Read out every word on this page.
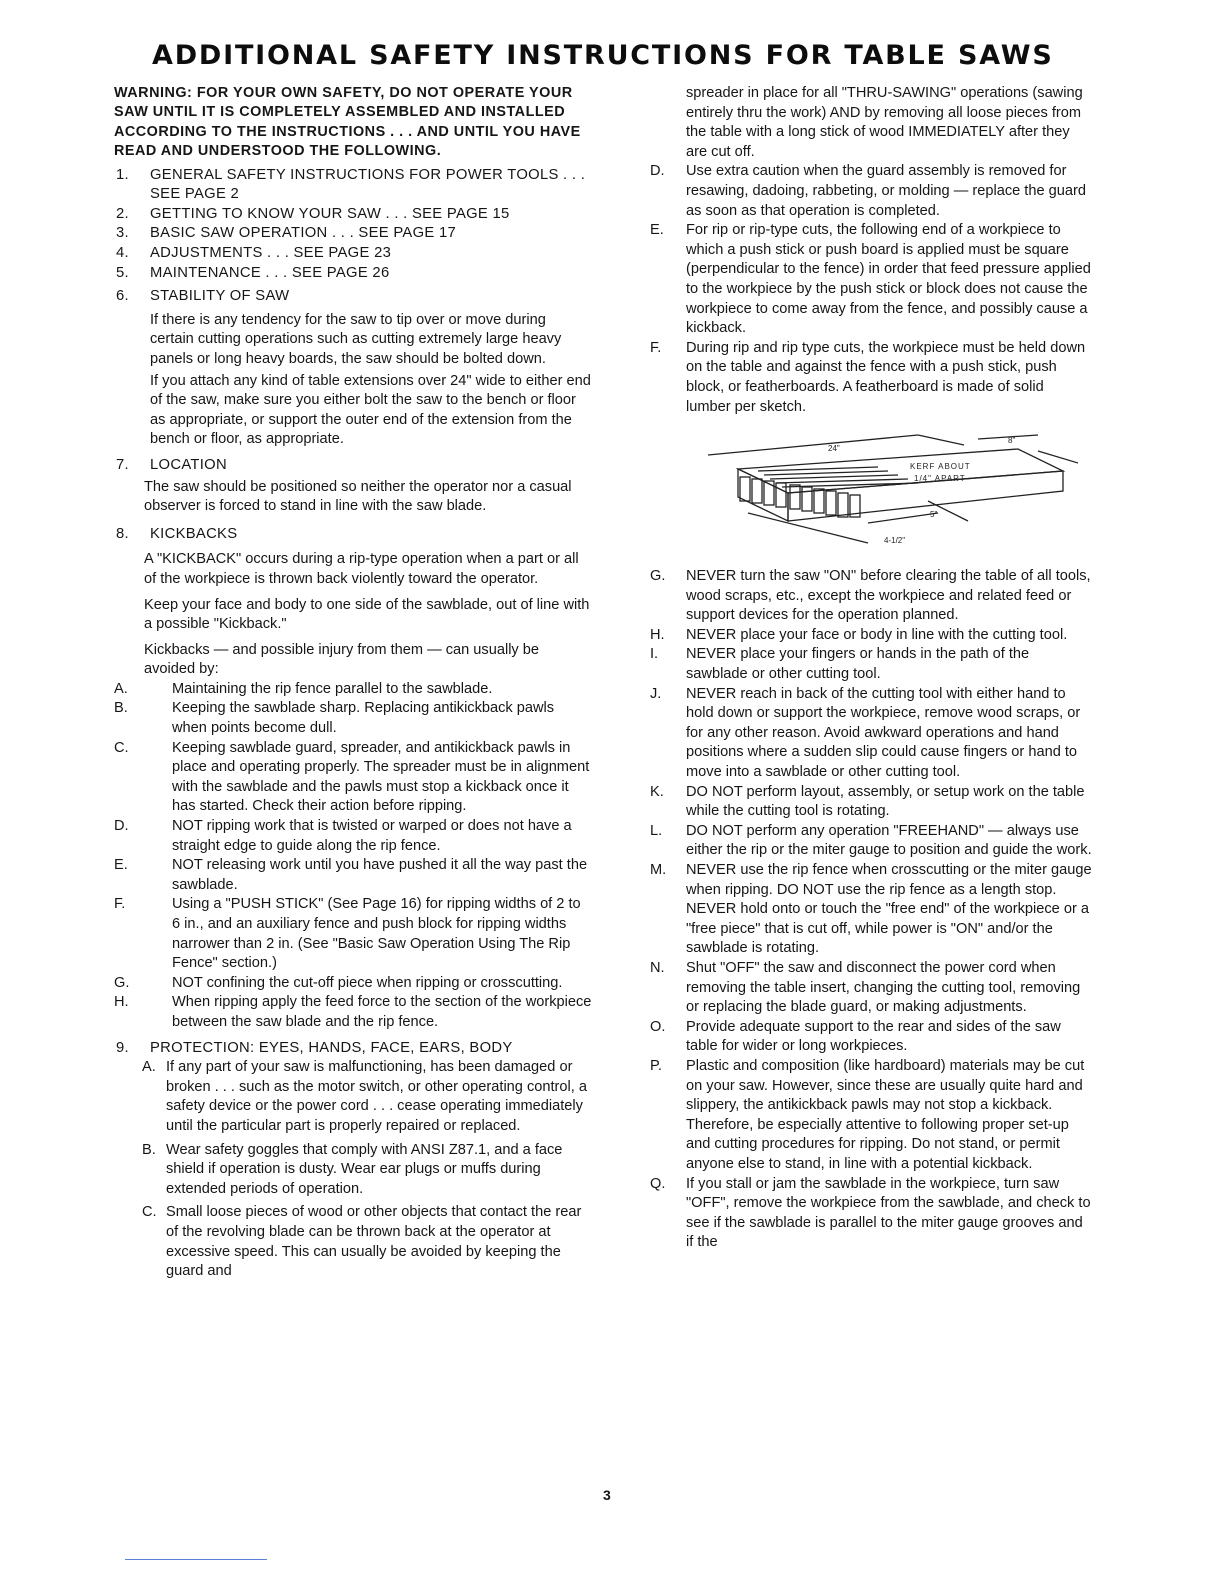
ADDITIONAL SAFETY INSTRUCTIONS FOR TABLE SAWS

WARNING: FOR YOUR OWN SAFETY, DO NOT OPERATE YOUR SAW UNTIL IT IS COMPLETELY ASSEMBLED AND INSTALLED ACCORDING TO THE INSTRUCTIONS . . . AND UNTIL YOU HAVE READ AND UNDERSTOOD THE FOLLOWING.

1. GENERAL SAFETY INSTRUCTIONS FOR POWER TOOLS . . . SEE PAGE 2
2. GETTING TO KNOW YOUR SAW . . . SEE PAGE 15
3. BASIC SAW OPERATION . . . SEE PAGE 17
4. ADJUSTMENTS . . . SEE PAGE 23
5. MAINTENANCE . . . SEE PAGE 26
6. STABILITY OF SAW

If there is any tendency for the saw to tip over or move during certain cutting operations such as cutting extremely large heavy panels or long heavy boards, the saw should be bolted down.

If you attach any kind of table extensions over 24" wide to either end of the saw, make sure you either bolt the saw to the bench or floor as appropriate, or support the outer end of the extension from the bench or floor, as appropriate.

7. LOCATION

The saw should be positioned so neither the operator nor a casual observer is forced to stand in line with the saw blade.

8. KICKBACKS

A "KICKBACK" occurs during a rip-type operation when a part or all of the workpiece is thrown back violently toward the operator.

Keep your face and body to one side of the sawblade, out of line with a possible "Kickback."

Kickbacks — and possible injury from them — can usually be avoided by:

A.	Maintaining the rip fence parallel to the sawblade.
B.	Keeping the sawblade sharp. Replacing antikickback pawls when points become dull.
C.	Keeping sawblade guard, spreader, and antikickback pawls in place and operating properly. The spreader must be in alignment with the sawblade and the pawls must stop a kickback once it has started. Check their action before ripping.
D.	NOT ripping work that is twisted or warped or does not have a straight edge to guide along the rip fence.
E.	NOT releasing work until you have pushed it all the way past the sawblade.
F.	Using a "PUSH STICK" (See Page 16) for ripping widths of 2 to 6 in., and an auxiliary fence and push block for ripping widths narrower than 2 in. (See "Basic Saw Operation Using The Rip Fence" section.)
G.	NOT confining the cut-off piece when ripping or crosscutting.
H.	When ripping apply the feed force to the section of the workpiece between the saw blade and the rip fence.
9. PROTECTION: EYES, HANDS, FACE, EARS, BODY
A. If any part of your saw is malfunctioning, has been damaged or broken . . . such as the motor switch, or other operating control, a safety device or the power cord . . . cease operating immediately until the particular part is properly repaired or replaced.
B. Wear safety goggles that comply with ANSI Z87.1, and a face shield if operation is dusty. Wear ear plugs or muffs during extended periods of operation.
C. Small loose pieces of wood or other objects that contact the rear of the revolving blade can be thrown back at the operator at excessive speed. This can usually be avoided by keeping the guard and

spreader in place for all "THRU-SAWING" operations (sawing entirely thru the work) AND by removing all loose pieces from the table with a long stick of wood IMMEDIATELY after they are cut off.

D. Use extra caution when the guard assembly is removed for resawing, dadoing, rabbeting, or molding — replace the guard as soon as that operation is completed.
E. For rip or rip-type cuts, the following end of a workpiece to which a push stick or push board is applied must be square (perpendicular to the fence) in order that feed pressure applied to the workpiece by the push stick or block does not cause the workpiece to come away from the fence, and possibly cause a kickback.
F. During rip and rip type cuts, the workpiece must be held down on the table and against the fence with a push stick, push block, or featherboards. A featherboard is made of solid lumber per sketch.
24"
8"
KERF ABOUT
1/4" APART
5"
4-1/2"
G. NEVER turn the saw "ON" before clearing the table of all tools, wood scraps, etc., except the workpiece and related feed or support devices for the operation planned.
H. NEVER place your face or body in line with the cutting tool.
I. NEVER place your fingers or hands in the path of the sawblade or other cutting tool.
J. NEVER reach in back of the cutting tool with either hand to hold down or support the workpiece, remove wood scraps, or for any other reason. Avoid awkward operations and hand positions where a sudden slip could cause fingers or hand to move into a sawblade or other cutting tool.
K. DO NOT perform layout, assembly, or setup work on the table while the cutting tool is rotating.
L. DO NOT perform any operation "FREEHAND" — always use either the rip or the miter gauge to position and guide the work.
M. NEVER use the rip fence when crosscutting or the miter gauge when ripping. DO NOT use the rip fence as a length stop.
NEVER hold onto or touch the "free end" of the workpiece or a "free piece" that is cut off, while power is "ON" and/or the sawblade is rotating.
N. Shut "OFF" the saw and disconnect the power cord when removing the table insert, changing the cutting tool, removing or replacing the blade guard, or making adjustments.
O. Provide adequate support to the rear and sides of the saw table for wider or long workpieces.
P. Plastic and composition (like hardboard) materials may be cut on your saw. However, since these are usually quite hard and slippery, the antikickback pawls may not stop a kickback.
Therefore, be especially attentive to following proper set-up and cutting procedures for ripping. Do not stand, or permit anyone else to stand, in line with a potential kickback.
Q. If you stall or jam the sawblade in the workpiece, turn saw "OFF", remove the workpiece from the sawblade, and check to see if the sawblade is parallel to the miter gauge grooves and if the
3
